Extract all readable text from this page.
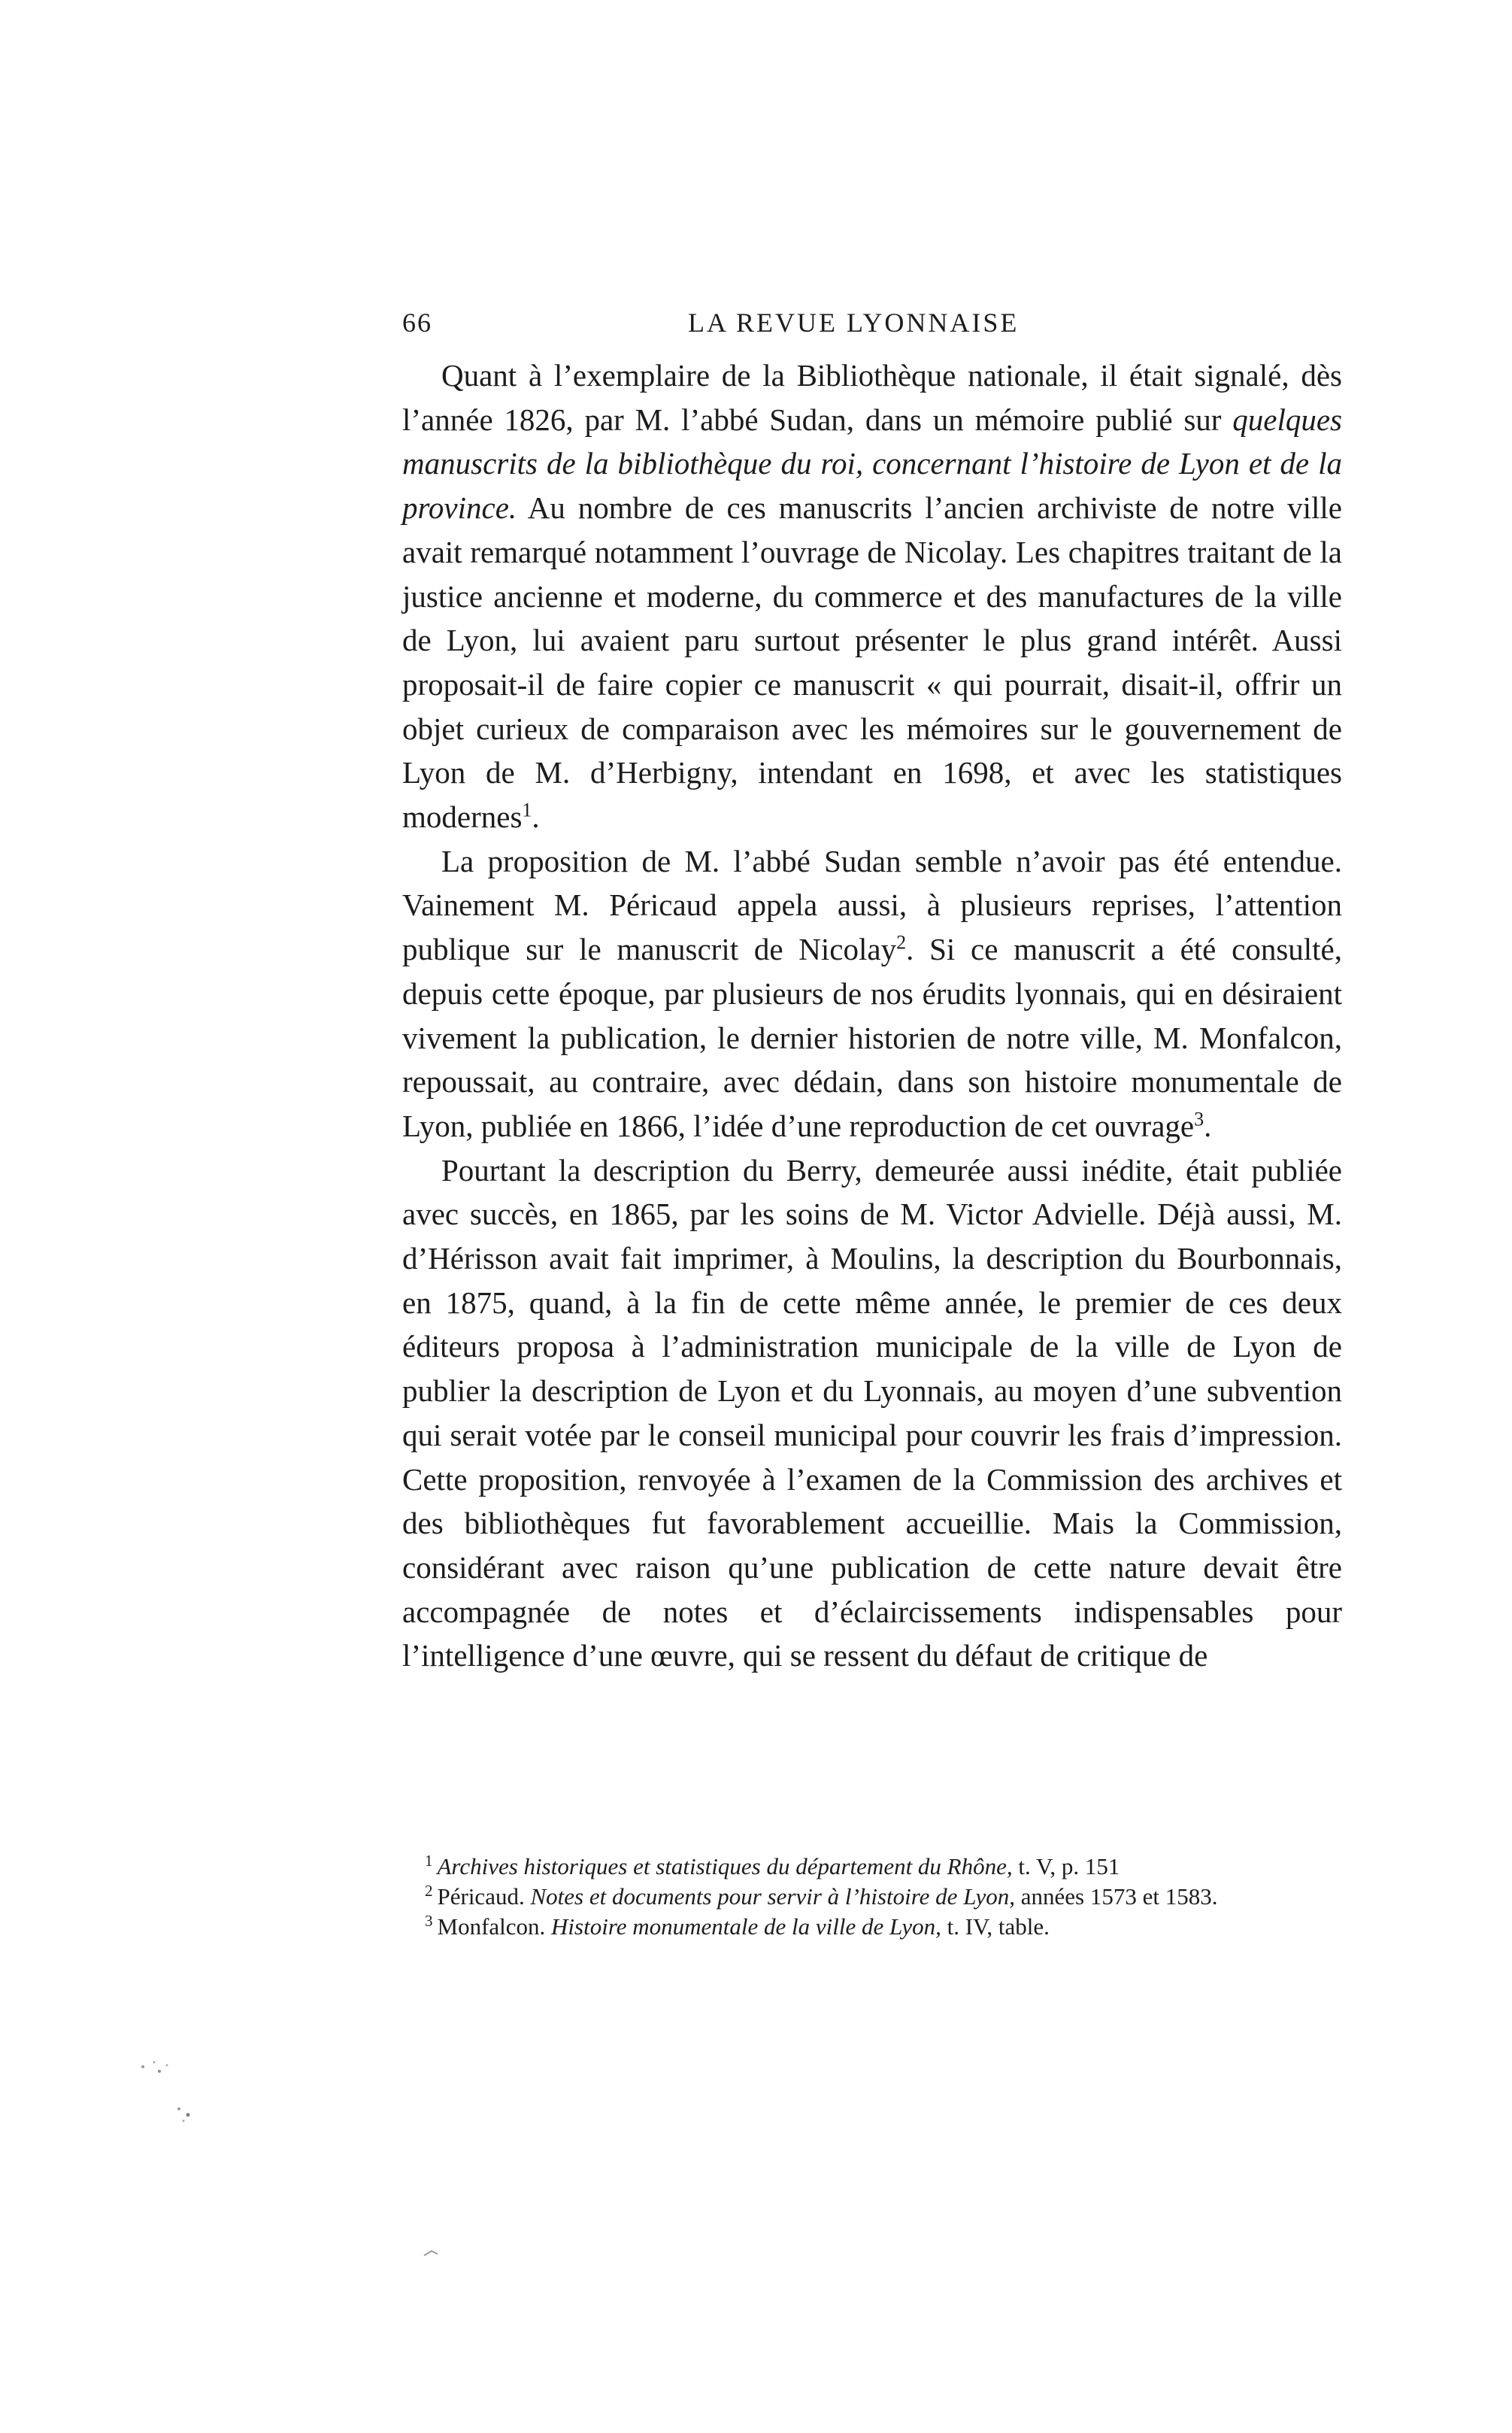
66	LA REVUE LYONNAISE

Quant à l’exemplaire de la Bibliothèque nationale, il était signalé, dès l’année 1826, par M. l’abbé Sudan, dans un mémoire publié sur quelques manuscrits de la bibliothèque du roi, concernant l’histoire de Lyon et de la province. Au nombre de ces manuscrits l’ancien archiviste de notre ville avait remarqué notamment l’ouvrage de Nicolay. Les chapitres traitant de la justice ancienne et moderne, du commerce et des manufactures de la ville de Lyon, lui avaient paru surtout présenter le plus grand intérêt. Aussi proposait-il de faire copier ce manuscrit « qui pourrait, disait-il, offrir un objet curieux de comparaison avec les mémoires sur le gouvernement de Lyon de M. d’Herbigny, intendant en 1698, et avec les statistiques modernes$^1$.

La proposition de M. l’abbé Sudan semble n’avoir pas été entendue. Vainement M. Péricaud appela aussi, à plusieurs reprises, l’attention publique sur le manuscrit de Nicolay$^2$. Si ce manuscrit a été consulté, depuis cette époque, par plusieurs de nos érudits lyonnais, qui en désiraient vivement la publication, le dernier historien de notre ville, M. Monfalcon, repoussait, au contraire, avec dédain, dans son histoire monumentale de Lyon, publiée en 1866, l’idée d’une reproduction de cet ouvrage$^3$.

Pourtant la description du Berry, demeurée aussi inédite, était publiée avec succès, en 1865, par les soins de M. Victor Advielle. Déjà aussi, M. d’Hérisson avait fait imprimer, à Moulins, la description du Bourbonnais, en 1875, quand, à la fin de cette même année, le premier de ces deux éditeurs proposa à l’administration municipale de la ville de Lyon de publier la description de Lyon et du Lyonnais, au moyen d’une subvention qui serait votée par le conseil municipal pour couvrir les frais d’impression. Cette proposition, renvoyée à l’examen de la Commission des archives et des bibliothèques fut favorablement accueillie. Mais la Commission, considérant avec raison qu’une publication de cette nature devait être accompagnée de notes et d’éclaircissements indispensables pour l’intelligence d’une œuvre, qui se ressent du défaut de critique de

$^1$ Archives historiques et statistiques du département du Rhône, t. V, p. 151

$^2$ Péricaud. Notes et documents pour servir à l’histoire de Lyon, années 1573 et 1583.

$^3$ Monfalcon. Histoire monumentale de la ville de Lyon, t. IV, table.
